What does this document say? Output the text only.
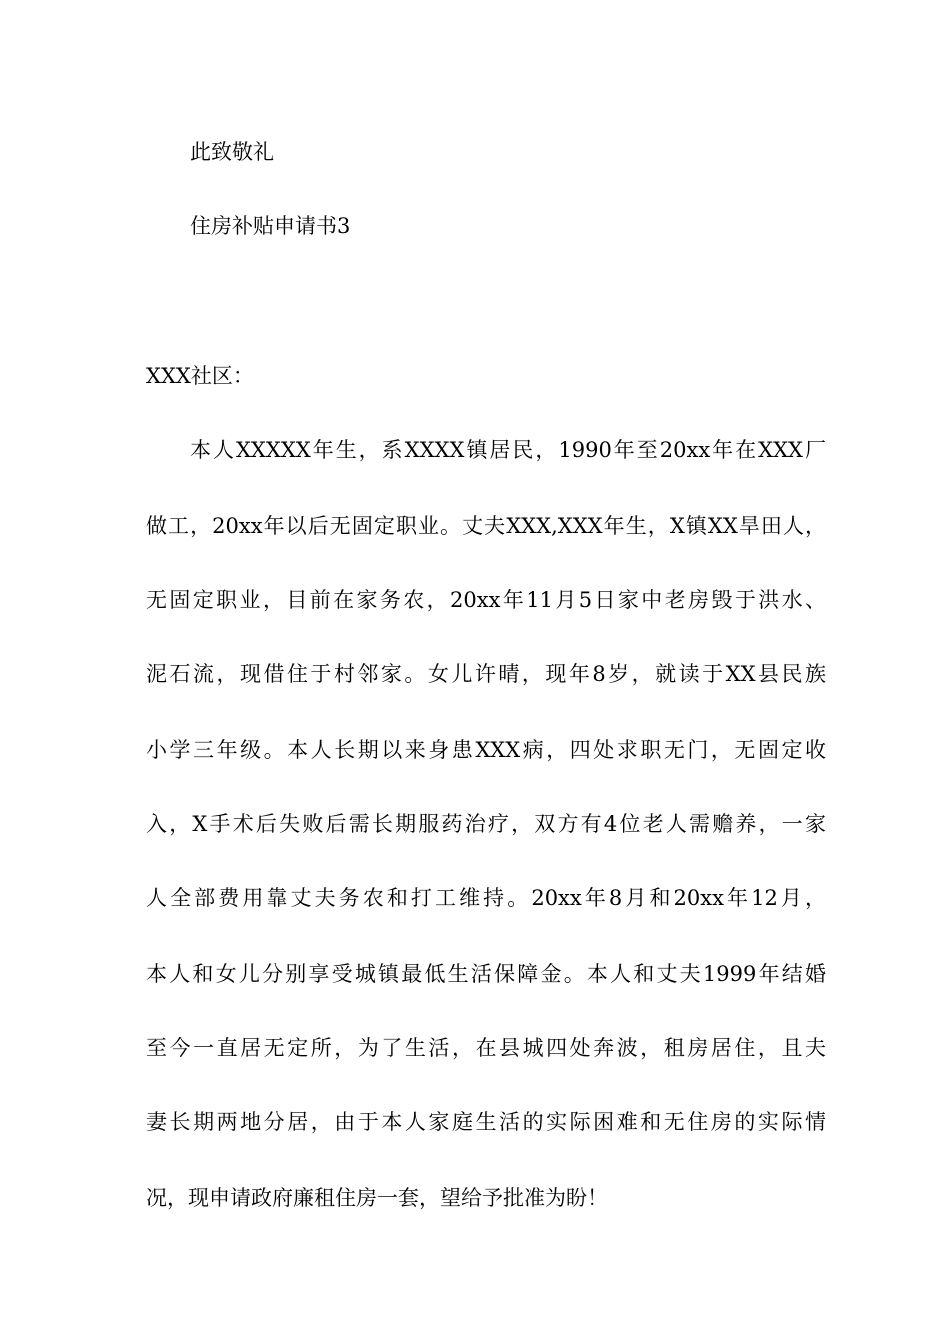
此致敬礼
住房补贴申请书3
XXX社区：
本人XXXXX年生，系XXXX镇居民，1990年至20xx年在XXX厂
做工，20xx年以后无固定职业。丈夫XXX,XXX年生，X镇XX旱田人，
无固定职业，目前在家务农，20xx年11月5日家中老房毁于洪水、
泥石流，现借住于村邻家。女儿许晴，现年8岁，就读于XX县民族
小学三年级。本人长期以来身患XXX病，四处求职无门，无固定收
入，X手术后失败后需长期服药治疗，双方有4位老人需赡养，一家
人全部费用靠丈夫务农和打工维持。20xx年8月和20xx年12月，
本人和女儿分别享受城镇最低生活保障金。本人和丈夫1999年结婚
至今一直居无定所，为了生活，在县城四处奔波，租房居住，且夫
妻长期两地分居，由于本人家庭生活的实际困难和无住房的实际情
况，现申请政府廉租住房一套，望给予批准为盼！
